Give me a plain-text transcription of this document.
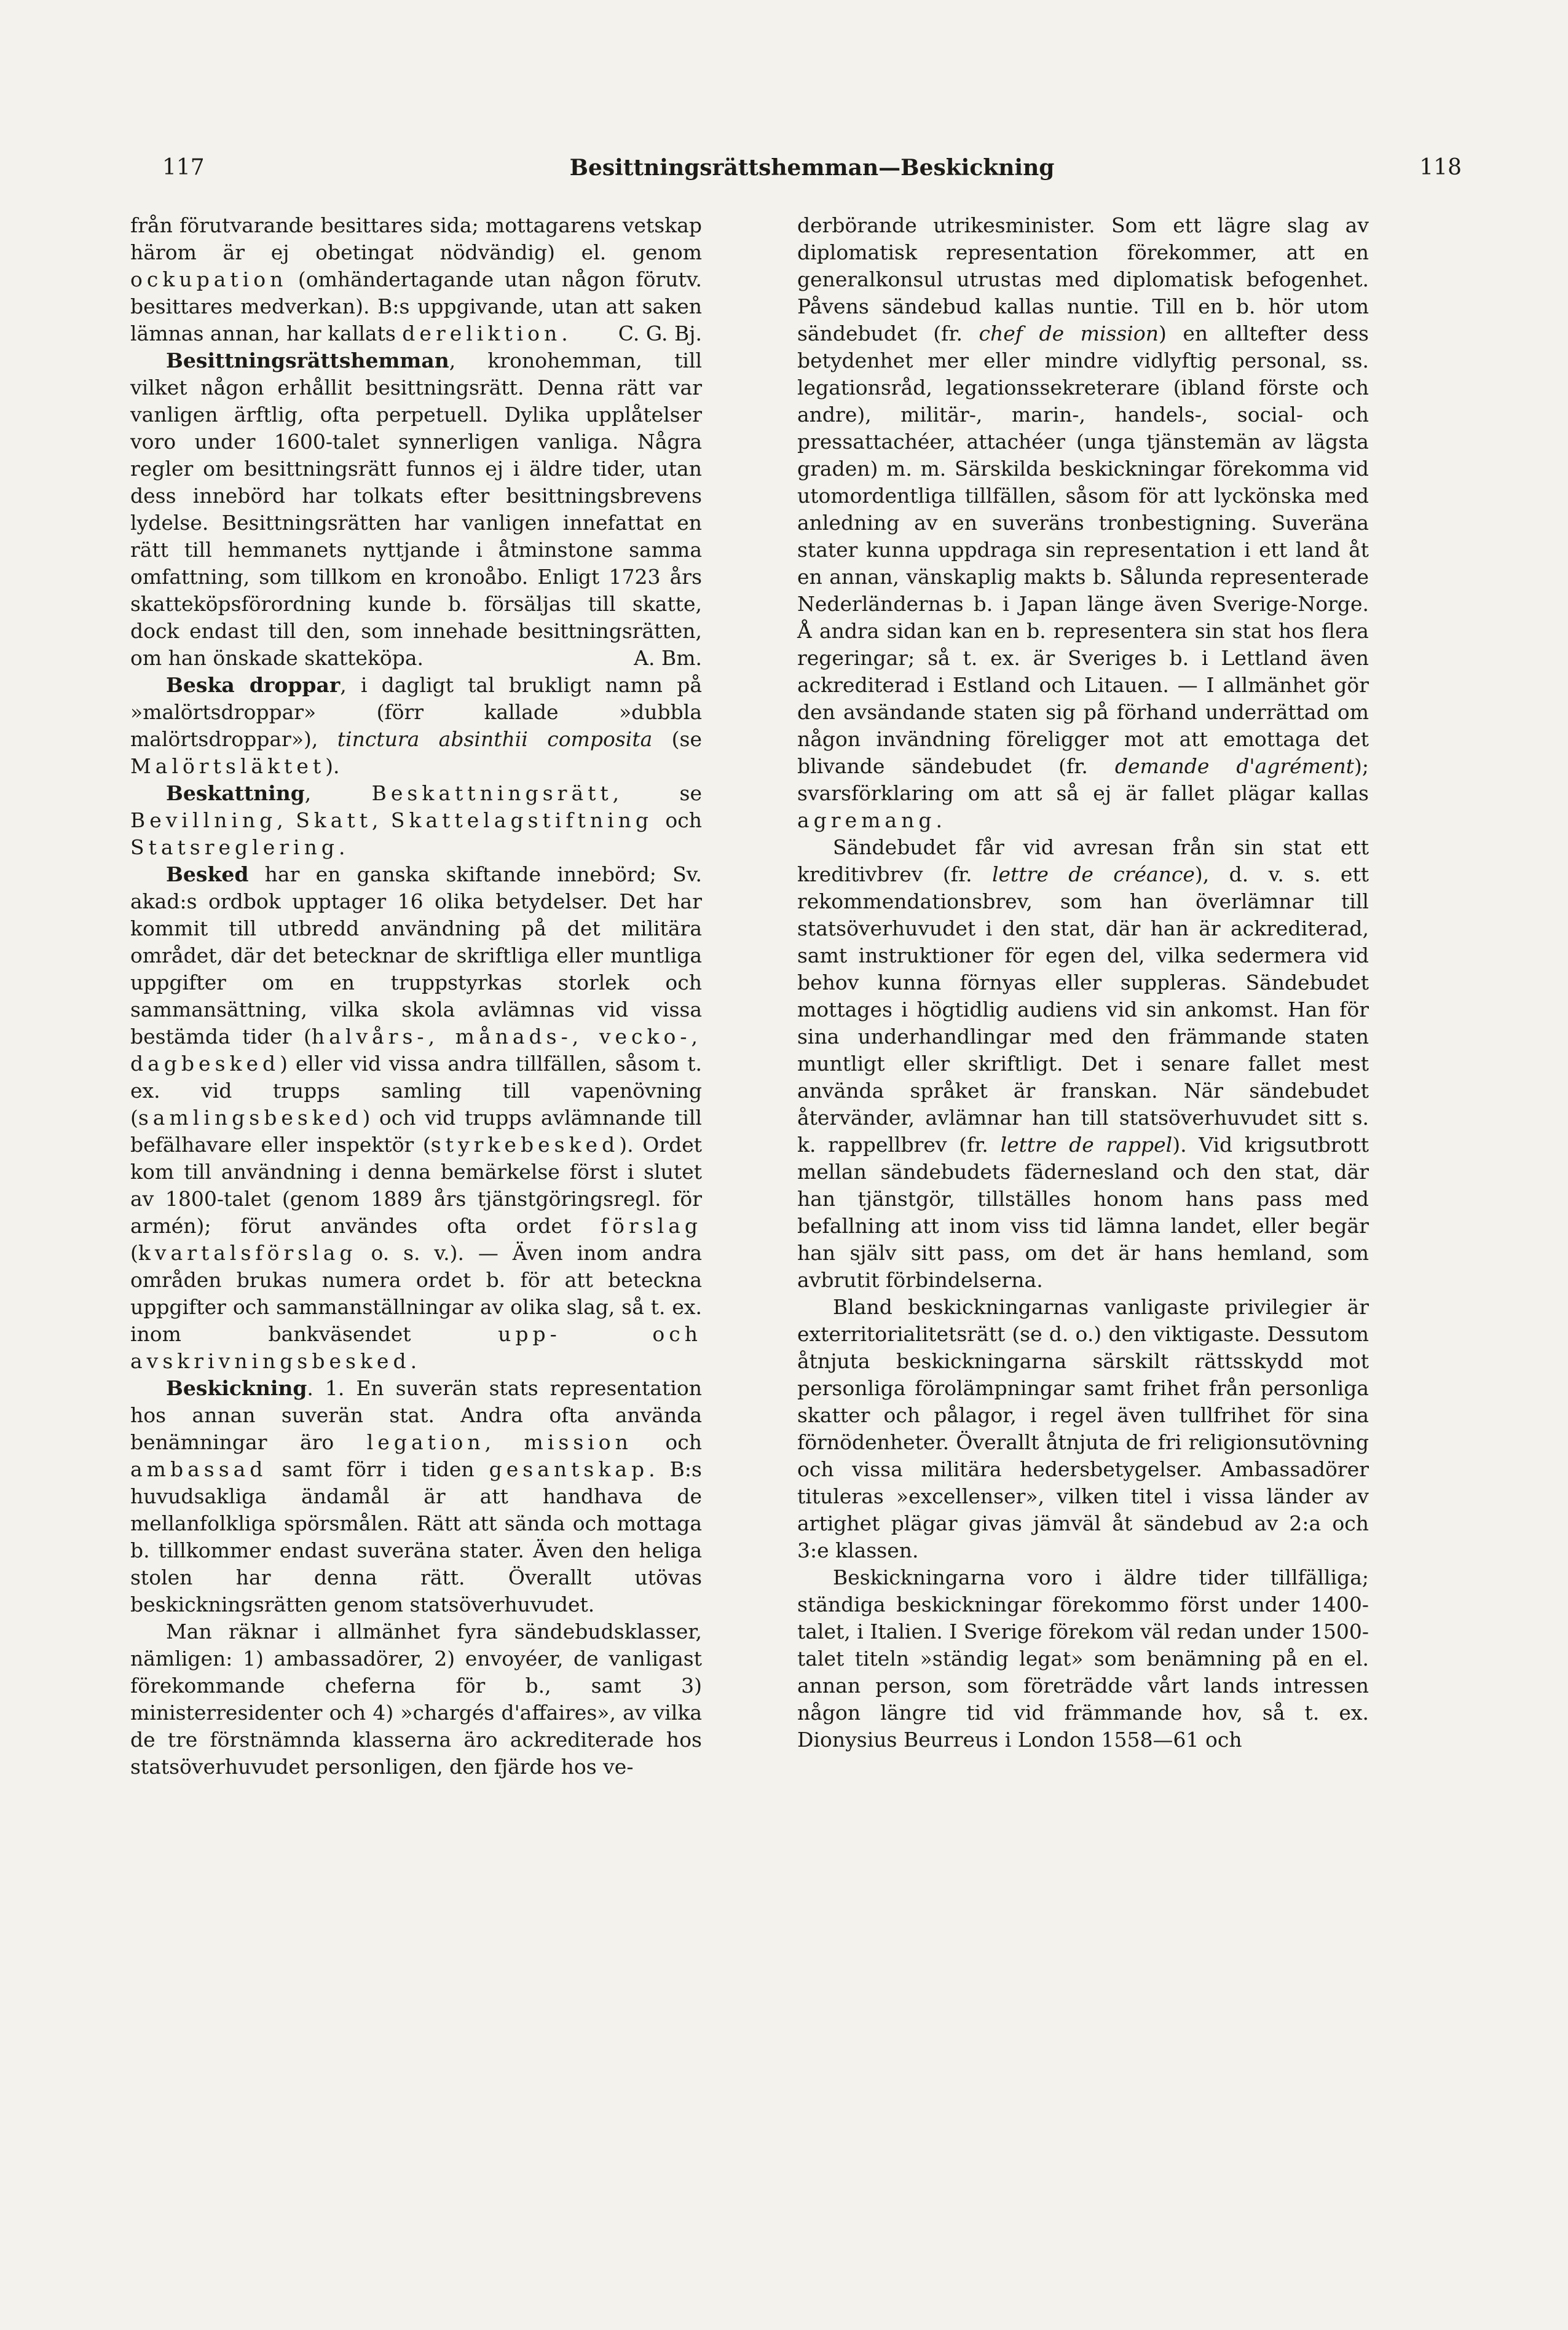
117	Besittningsrättshemman—Beskickning	118

från förutvarande besittares sida; mottagarens vetskap härom är ej obetingat nödvändig) el. genom ockupation (omhändertagande utan någon förutv. besittares medverkan). B:s uppgivande, utan att saken lämnas annan, har kallats dereliktion. C. G. Bj.

Besittningsrättshemman, kronohemman, till vilket någon erhållit besittningsrätt. Denna rätt var vanligen ärftlig, ofta perpetuell. Dylika upplåtelser voro under 1600-talet synnerligen vanliga. Några regler om besittningsrätt funnos ej i äldre tider, utan dess innebörd har tolkats efter besittningsbrevens lydelse. Besittningsrätten har vanligen innefattat en rätt till hemmanets nyttjande i åtminstone samma omfattning, som tillkom en kronoåbo. Enligt 1723 års skatteköpsförordning kunde b. försäljas till skatte, dock endast till den, som innehade besittningsrätten, om han önskade skatteköpa.	A. Bm.

Beska droppar, i dagligt tal brukligt namn på »malörtsdroppar» (förr kallade »dubbla malörtsdroppar»), tinctura absinthii composita (se Malörtsläktet).

Beskattning, Beskattningsrätt, se Bevillning, Skatt, Skattelagstiftning och Statsreglering.

Besked har en ganska skiftande innebörd; Sv. akad:s ordbok upptager 16 olika betydelser. Det har kommit till utbredd användning på det militära området, där det betecknar de skriftliga eller muntliga uppgifter om en truppstyrkas storlek och sammansättning, vilka skola avlämnas vid vissa bestämda tider (halvårs-, månads-, vecko-, dagbesked) eller vid vissa andra tillfällen, såsom t. ex. vid trupps samling till vapenövning (samlingsbesked) och vid trupps avlämnande till befälhavare eller inspektör (styrkebesked). Ordet kom till användning i denna bemärkelse först i slutet av 1800-talet (genom 1889 års tjänstgöringsregl. för armén); förut användes ofta ordet förslag (kvartalsförslag o. s. v.). — Även inom andra områden brukas numera ordet b. för att beteckna uppgifter och sammanställningar av olika slag, så t. ex. inom bankväsendet upp- och avskrivningsbesked.

Beskickning. 1. En suverän stats representation hos annan suverän stat. Andra ofta använda benämningar äro legation, mission och ambassad samt förr i tiden gesantskap. B:s huvudsakliga ändamål är att handhava de mellanfolkliga spörsmålen. Rätt att sända och mottaga b. tillkommer endast suveräna stater. Även den heliga stolen har denna rätt. Överallt utövas beskickningsrätten genom statsöverhuvudet.

Man räknar i allmänhet fyra sändebudsklasser, nämligen: 1) ambassadörer, 2) envoyéer, de vanligast förekommande cheferna för b., samt 3) ministerresidenter och 4) »chargés d'affaires», av vilka de tre förstnämnda klasserna äro ackrediterade hos statsöverhuvudet personligen, den fjärde hos ve-

derbörande utrikesminister. Som ett lägre slag av diplomatisk representation förekommer, att en generalkonsul utrustas med diplomatisk befogenhet. Påvens sändebud kallas nuntie. Till en b. hör utom sändebudet (fr. chef de mission) en alltefter dess betydenhet mer eller mindre vidlyftig personal, ss. legationsråd, legationssekreterare (ibland förste och andre), militär-, marin-, handels-, social- och pressattachéer, attachéer (unga tjänstemän av lägsta graden) m. m. Särskilda beskickningar förekomma vid utomordentliga tillfällen, såsom för att lyckönska med anledning av en suveräns tronbestigning. Suveräna stater kunna uppdraga sin representation i ett land åt en annan, vänskaplig makts b. Sålunda representerade Nederländernas b. i Japan länge även Sverige-Norge. Å andra sidan kan en b. representera sin stat hos flera regeringar; så t. ex. är Sveriges b. i Lettland även ackrediterad i Estland och Litauen. — I allmänhet gör den avsändande staten sig på förhand underrättad om någon invändning föreligger mot att emottaga det blivande sändebudet (fr. demande d'agrément); svarsförklaring om att så ej är fallet plägar kallas agremang.

Sändebudet får vid avresan från sin stat ett kreditivbrev (fr. lettre de créance), d. v. s. ett rekommendationsbrev, som han överlämnar till statsöverhuvudet i den stat, där han är ackrediterad, samt instruktioner för egen del, vilka sedermera vid behov kunna förnyas eller suppleras. Sändebudet mottages i högtidlig audiens vid sin ankomst. Han för sina underhandlingar med den främmande staten muntligt eller skriftligt. Det i senare fallet mest använda språket är franskan. När sändebudet återvänder, avlämnar han till statsöverhuvudet sitt s. k. rappellbrev (fr. lettre de rappel). Vid krigsutbrott mellan sändebudets fädernesland och den stat, där han tjänstgör, tillställes honom hans pass med befallning att inom viss tid lämna landet, eller begär han själv sitt pass, om det är hans hemland, som avbrutit förbindelserna.

Bland beskickningarnas vanligaste privilegier är exterritorialitetsrätt (se d. o.) den viktigaste. Dessutom åtnjuta beskickningarna särskilt rättsskydd mot personliga förolämpningar samt frihet från personliga skatter och pålagor, i regel även tullfrihet för sina förnödenheter. Överallt åtnjuta de fri religionsutövning och vissa militära hedersbetygelser. Ambassadörer tituleras »excellenser», vilken titel i vissa länder av artighet plägar givas jämväl åt sändebud av 2:a och 3:e klassen.

Beskickningarna voro i äldre tider tillfälliga; ständiga beskickningar förekommo först under 1400-talet, i Italien. I Sverige förekom väl redan under 1500-talet titeln »ständig legat» som benämning på en el. annan person, som företrädde vårt lands intressen någon längre tid vid främmande hov, så t. ex. Dionysius Beurreus i London 1558—61 och
